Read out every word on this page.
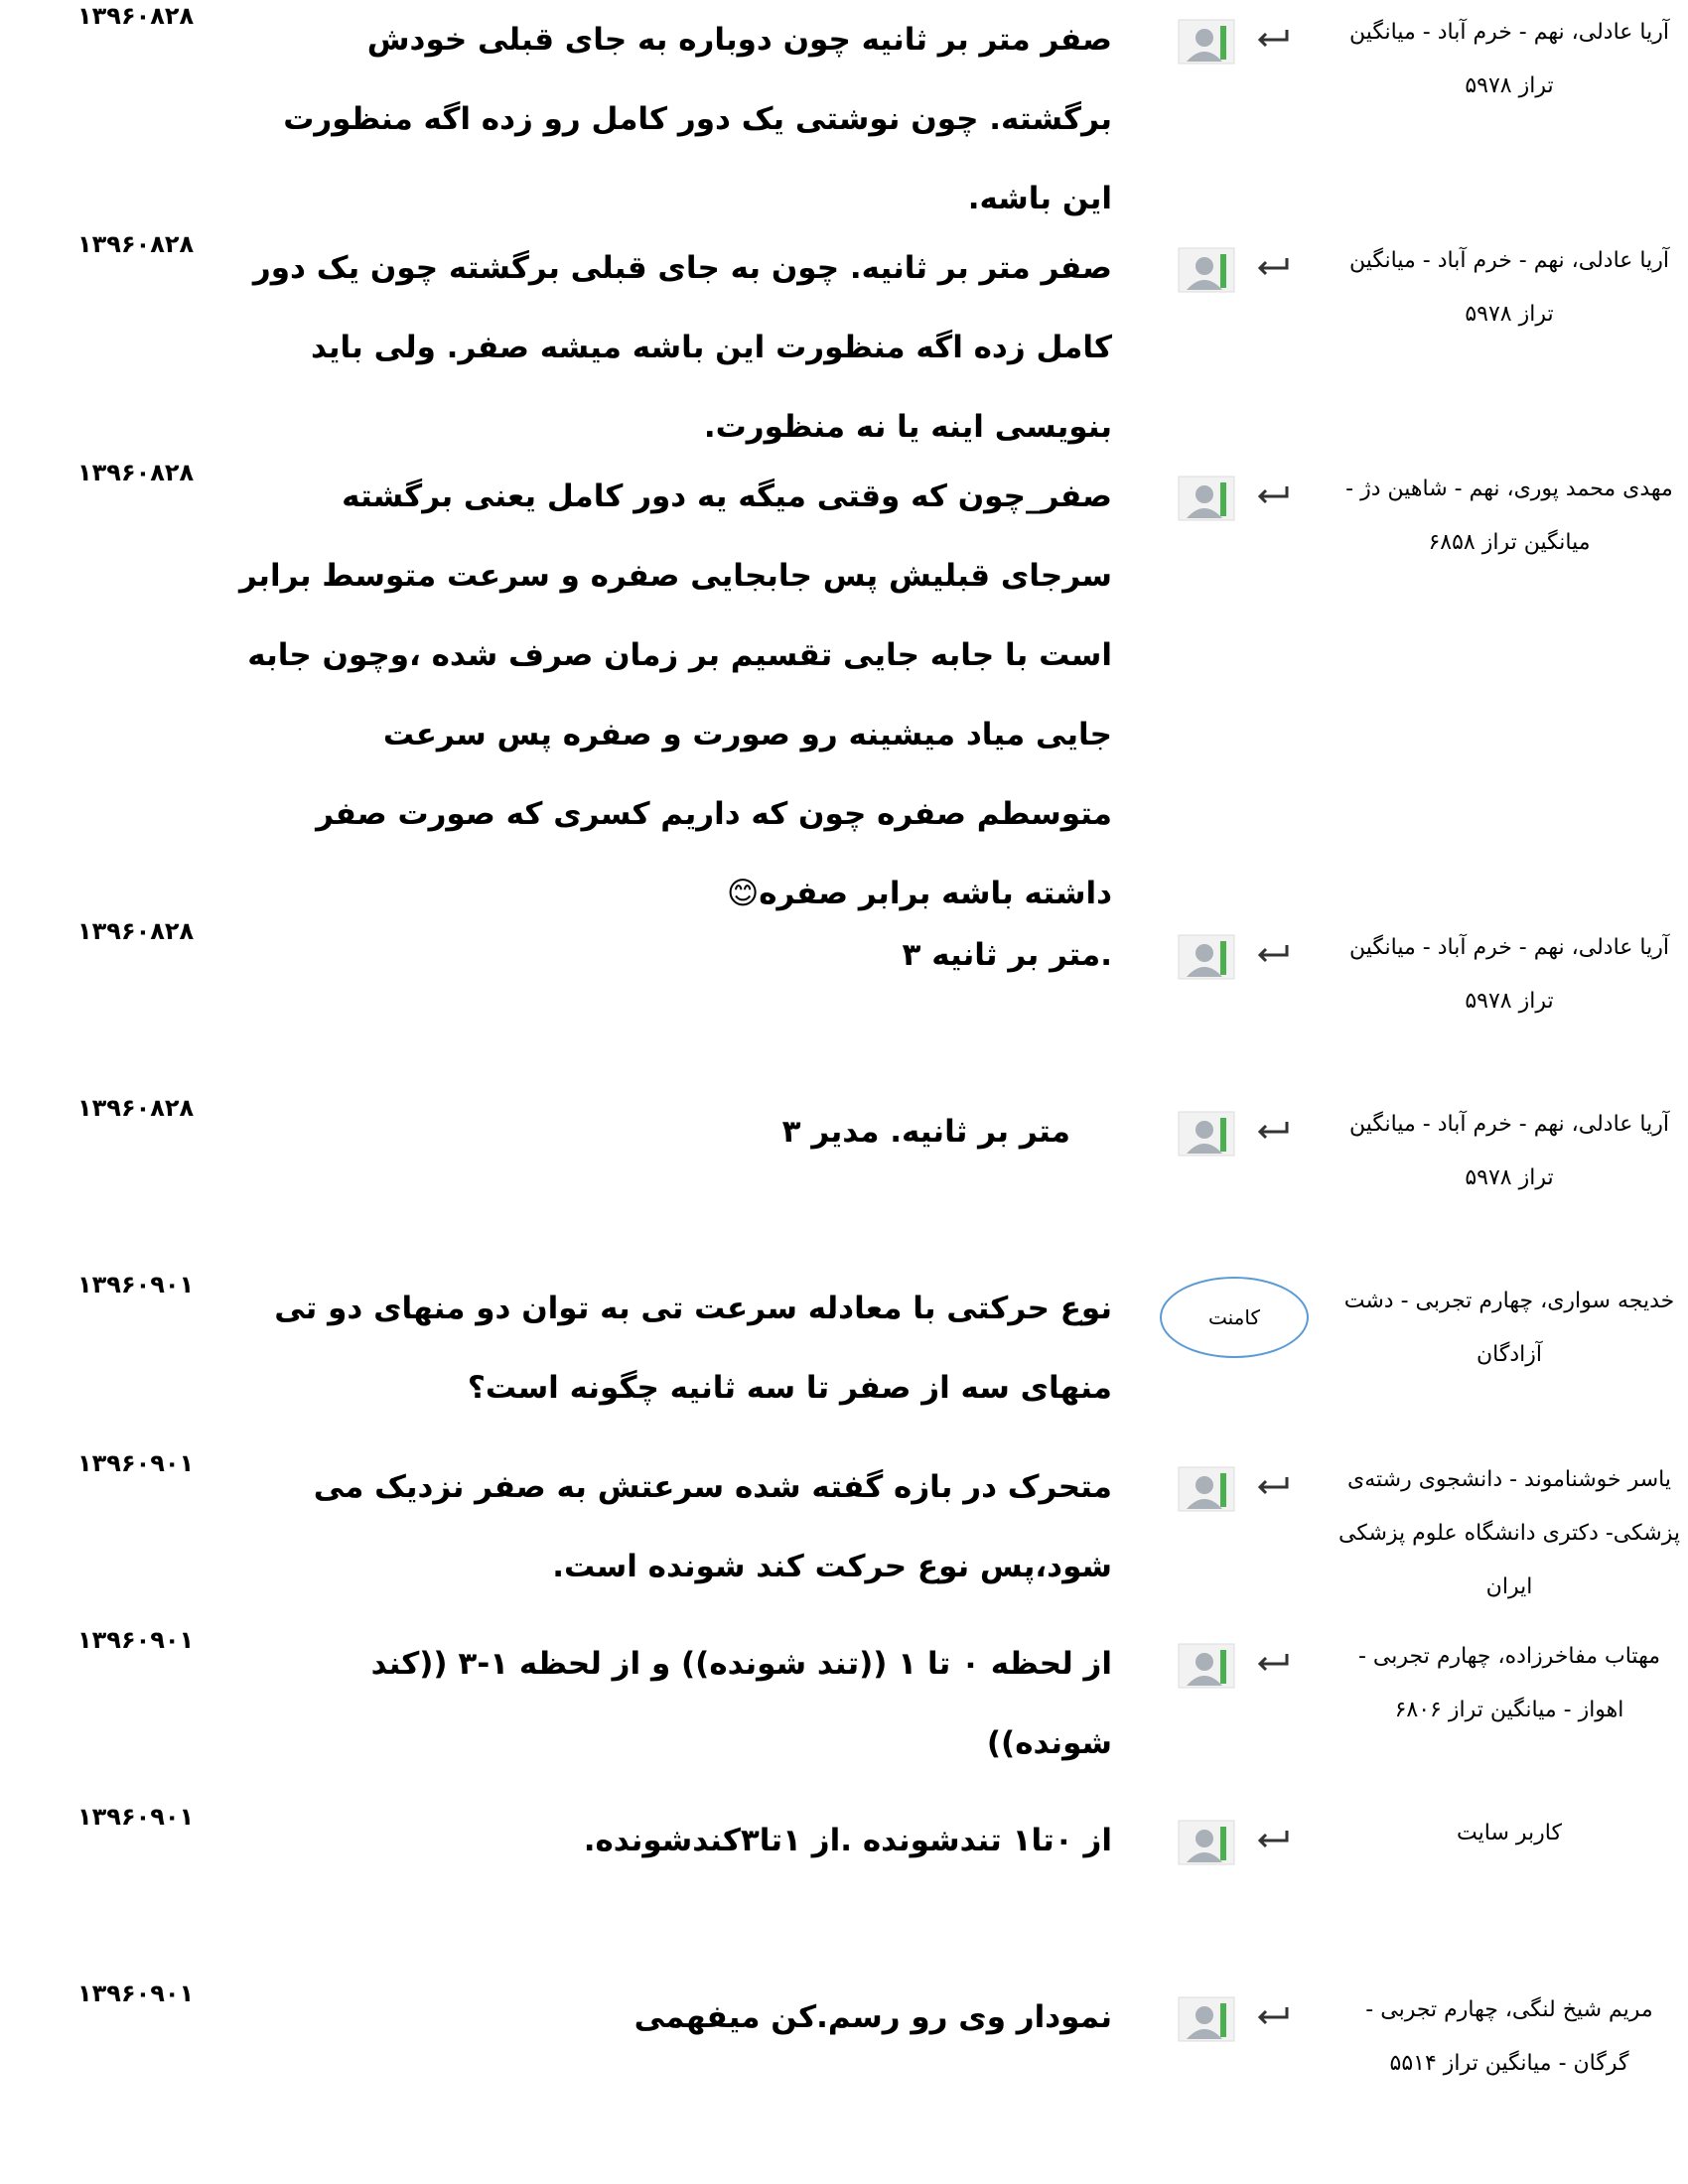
آریا عادلی، نهم - خرم آباد - میانگین تراز ۵۹۷۸
صفر متر بر ثانیه چون دوباره به جای قبلی خودش برگشته. چون نوشتی یک دور کامل رو زده اگه منظورت این باشه.
۱۳۹۶۰۸۲۸
آریا عادلی، نهم - خرم آباد - میانگین تراز ۵۹۷۸
صفر متر بر ثانیه. چون به جای قبلی برگشته چون یک دور کامل زده اگه منظورت این باشه میشه صفر. ولی باید بنویسی اینه یا نه منظورت.
۱۳۹۶۰۸۲۸
مهدی محمد پوری، نهم - شاهین دژ - میانگین تراز ۶۸۵۸
صفر_چون که وقتی میگه یه دور کامل یعنی برگشته سرجای قبلیش پس جابجایی صفره و سرعت متوسط برابر است با جابه جایی تقسیم بر زمان صرف شده ،وچون جابه جایی میاد میشینه رو صورت و صفره پس سرعت متوسطم صفره چون که داریم کسری که صورت صفر داشته باشه برابر صفره😊
۱۳۹۶۰۸۲۸
آریا عادلی، نهم - خرم آباد - میانگین تراز ۵۹۷۸
.متر بر ثانیه ۳
۱۳۹۶۰۸۲۸
آریا عادلی، نهم - خرم آباد - میانگین تراز ۵۹۷۸
متر بر ثانیه. مدیر ۳
۱۳۹۶۰۸۲۸
خدیجه سواری، چهارم تجربی - دشت آزادگان
کامنت
نوع حرکتی با معادله سرعت تی به توان دو منهای دو تی منهای سه از صفر تا سه ثانیه چگونه است؟
۱۳۹۶۰۹۰۱
یاسر خوشناموند - دانشجوی رشته‌ی پزشکی- دکتری دانشگاه علوم پزشکی ایران
متحرک در بازه گفته شده سرعتش به صفر نزدیک می شود،پس نوع حرکت کند شونده است.
۱۳۹۶۰۹۰۱
مهتاب مفاخرزاده، چهارم تجربی - اهواز - میانگین تراز ۶۸۰۶
از لحظه ۰ تا ۱ ((تند شونده)) و از لحظه ۱-۳ ((کند شونده))
۱۳۹۶۰۹۰۱
کاربر سایت
از ۰تا۱ تندشونده .از ۱تا۳کندشونده.
۱۳۹۶۰۹۰۱
مریم شیخ لنگی، چهارم تجربی - گرگان - میانگین تراز ۵۵۱۴
نمودار وی رو رسم.کن میفهمی
۱۳۹۶۰۹۰۱
